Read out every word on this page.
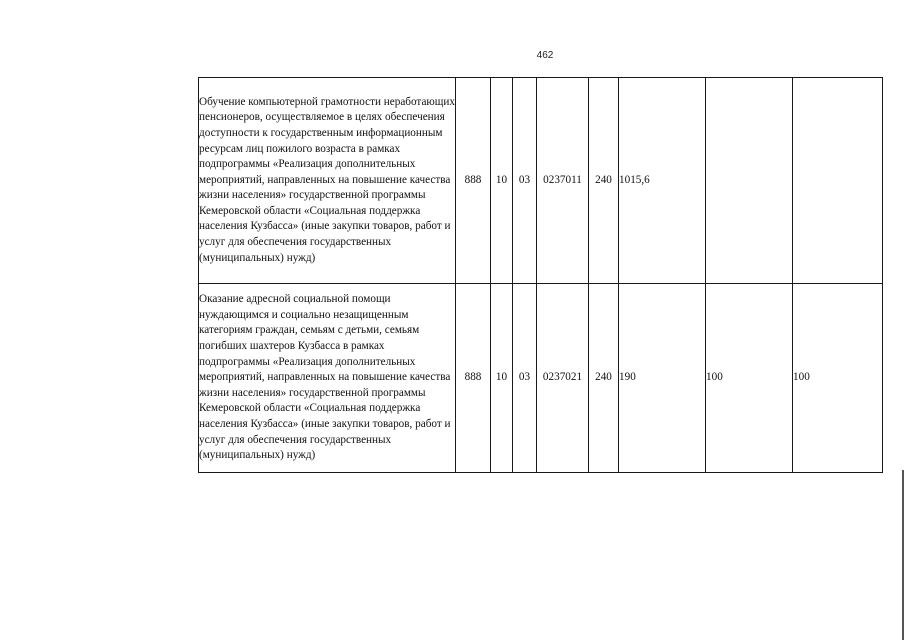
462
Обучение компьютерной грамотности неработающих пенсионеров, осуществляемое в целях обеспечения доступности к государственным информационным ресурсам лиц пожилого возраста в рамках подпрограммы «Реализация дополнительных мероприятий, направленных на повышение качества жизни населения» государственной программы Кемеровской области «Социальная поддержка населения Кузбасса» (иные закупки товаров, работ и услуг для обеспечения государственных (муниципальных) нужд)	888	10	03	0237011	240	1015,6		
Оказание адресной социальной помощи нуждающимся и социально незащищенным категориям граждан, семьям с детьми, семьям погибших шахтеров Кузбасса в рамках подпрограммы «Реализация дополнительных мероприятий, направленных на повышение качества жизни населения» государственной программы Кемеровской области «Социальная поддержка населения Кузбасса» (иные закупки товаров, работ и услуг для обеспечения государственных (муниципальных) нужд)	888	10	03	0237021	240	190	100	100
